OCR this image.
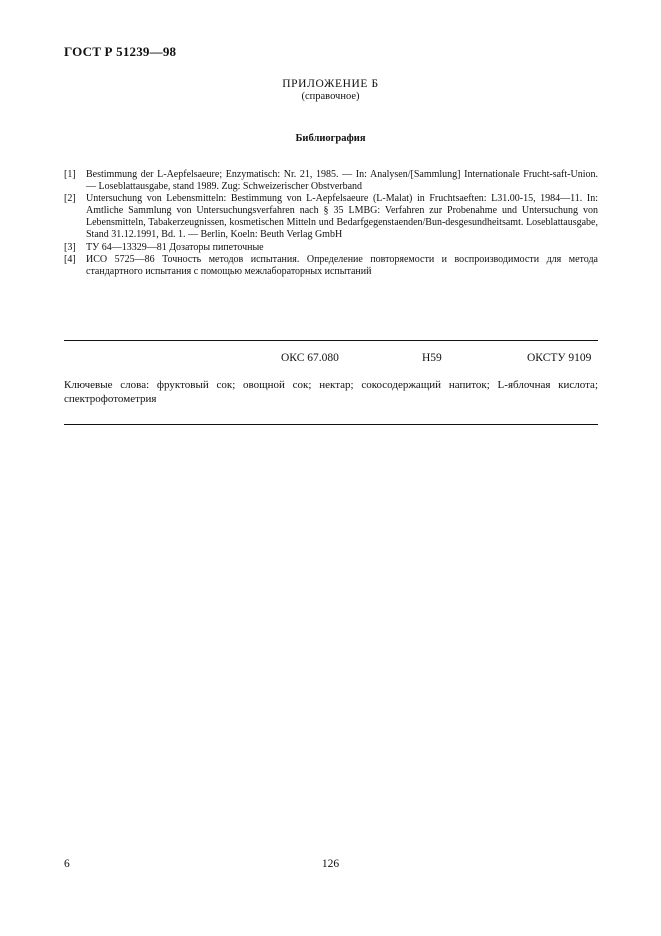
ГОСТ Р 51239—98
ПРИЛОЖЕНИЕ Б
(справочное)
Библиография
[1] Bestimmung der L-Aepfelsaeure; Enzymatisch: Nr. 21, 1985. — In: Analysen/[Sammlung] Internationale Frucht-saft-Union. — Loseblattausgabe, stand 1989. Zug: Schweizerischer Obstverband
[2] Untersuchung von Lebensmitteln: Bestimmung von L-Aepfelsaeure (L-Malat) in Fruchtsaeften: L31.00-15, 1984—11. In: Amtliche Sammlung von Untersuchungsverfahren nach § 35 LMBG: Verfahren zur Probenahme und Untersuchung von Lebensmitteln, Tabakerzeugnissen, kosmetischen Mitteln und Bedarfgegenstaenden/Bun-desgesundheitsamt. Loseblattausgabe, Stand 31.12.1991, Bd. 1. — Berlin, Koeln: Beuth Verlag GmbH
[3] ТУ 64—13329—81 Дозаторы пипеточные
[4] ИСО 5725—86 Точность методов испытания. Определение повторяемости и воспроизводимости для метода стандартного испытания с помощью межлабораторных испытаний
ОКС 67.080	Н59	ОКСТУ 9109
Ключевые слова: фруктовый сок; овощной сок; нектар; сокосодержащий напиток; L-яблочная кислота; спектрофотометрия
6	126
